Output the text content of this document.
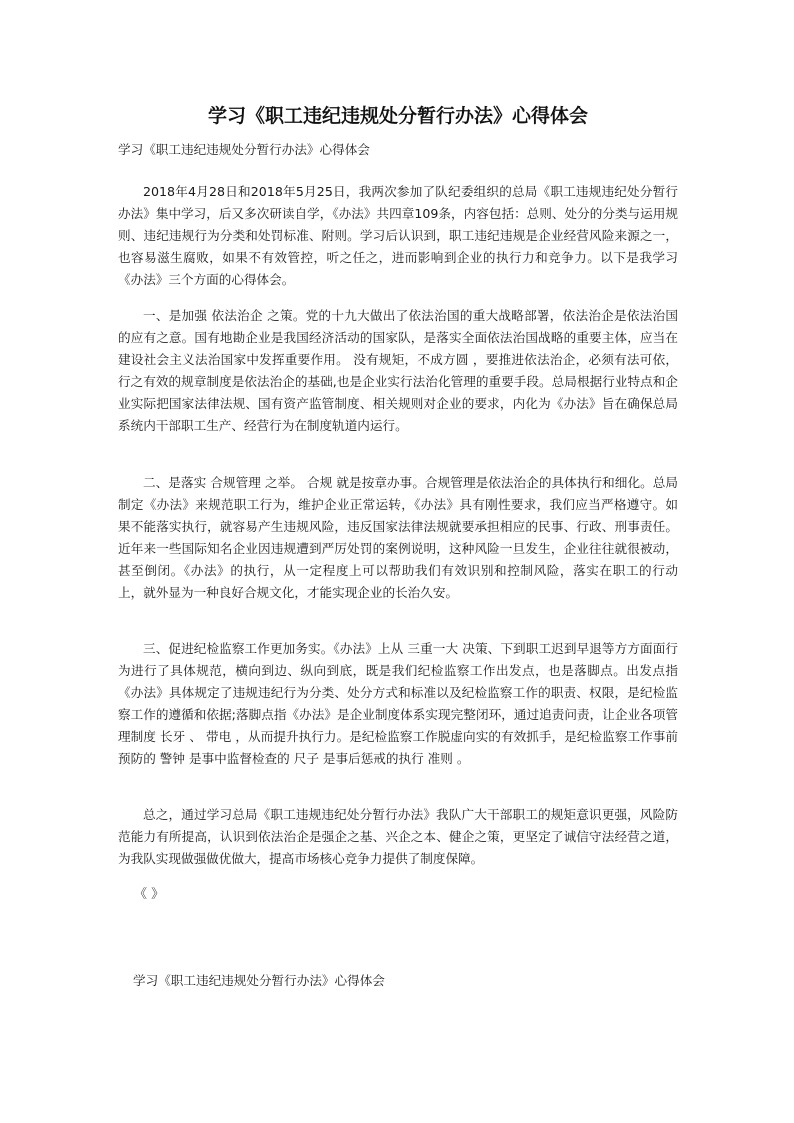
学习《职工违纪违规处分暂行办法》心得体会

学习《职工违纪违规处分暂行办法》心得体会

2018年4月28日和2018年5月25日，我两次参加了队纪委组织的总局《职工违规违纪处分暂行办法》集中学习，后又多次研读自学，《办法》共四章109条，内容包括：总则、处分的分类与运用规则、违纪违规行为分类和处罚标准、附则。学习后认识到，职工违纪违规是企业经营风险来源之一，也容易滋生腐败，如果不有效管控，听之任之，进而影响到企业的执行力和竞争力。以下是我学习《办法》三个方面的心得体会。

一、是加强 依法治企 之策。党的十九大做出了依法治国的重大战略部署，依法治企是依法治国的应有之意。国有地勘企业是我国经济活动的国家队，是落实全面依法治国战略的重要主体，应当在建设社会主义法治国家中发挥重要作用。 没有规矩，不成方圆 ，要推进依法治企，必须有法可依，行之有效的规章制度是依法治企的基础,也是企业实行法治化管理的重要手段。总局根据行业特点和企业实际把国家法律法规、国有资产监管制度、相关规则对企业的要求，内化为《办法》旨在确保总局系统内干部职工生产、经营行为在制度轨道内运行。

二、是落实 合规管理 之举。 合规 就是按章办事。合规管理是依法治企的具体执行和细化。总局制定《办法》来规范职工行为，维护企业正常运转，《办法》具有刚性要求，我们应当严格遵守。如果不能落实执行，就容易产生违规风险，违反国家法律法规就要承担相应的民事、行政、刑事责任。近年来一些国际知名企业因违规遭到严厉处罚的案例说明，这种风险一旦发生，企业往往就很被动，甚至倒闭。《办法》的执行，从一定程度上可以帮助我们有效识别和控制风险，落实在职工的行动上，就外显为一种良好合规文化，才能实现企业的长治久安。

三、促进纪检监察工作更加务实。《办法》上从 三重一大 决策、下到职工迟到早退等方方面面行为进行了具体规范，横向到边、纵向到底，既是我们纪检监察工作出发点，也是落脚点。出发点指《办法》具体规定了违规违纪行为分类、处分方式和标准以及纪检监察工作的职责、权限，是纪检监察工作的遵循和依据;落脚点指《办法》是企业制度体系实现完整闭环，通过追责问责，让企业各项管理制度 长牙 、 带电 ，从而提升执行力。是纪检监察工作脱虚向实的有效抓手，是纪检监察工作事前预防的 警钟 是事中监督检查的 尺子 是事后惩戒的执行 准则 。

总之，通过学习总局《职工违规违纪处分暂行办法》我队广大干部职工的规矩意识更强，风险防范能力有所提高，认识到依法治企是强企之基、兴企之本、健企之策，更坚定了诚信守法经营之道，为我队实现做强做优做大，提高市场核心竞争力提供了制度保障。

《 》

学习《职工违纪违规处分暂行办法》心得体会
